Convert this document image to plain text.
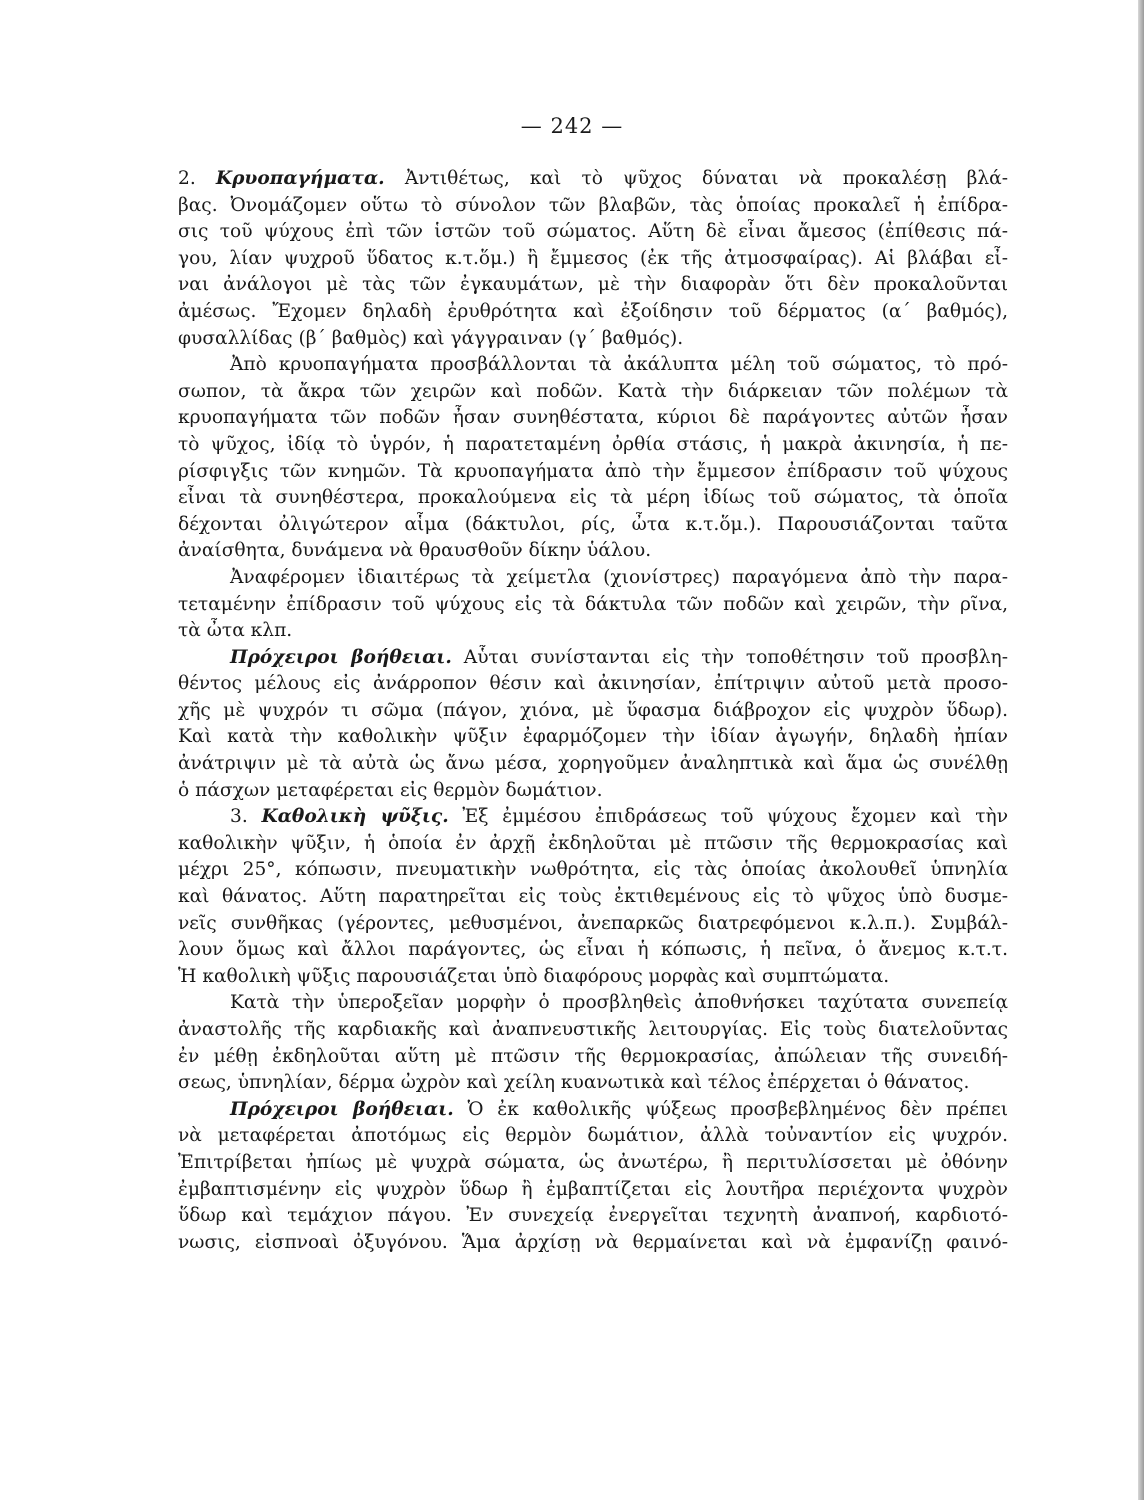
— 242 —
2. Κρυοπαγήματα. Ἀντιθέτως, καὶ τὸ ψῦχος δύναται νὰ προκαλέσῃ βλά-
βας. Ὀνομάζομεν οὕτω τὸ σύνολον τῶν βλαβῶν, τὰς ὁποίας προκαλεῖ ἡ ἐπίδρα-
σις τοῦ ψύχους ἐπὶ τῶν ἱστῶν τοῦ σώματος. Αὕτη δὲ εἶναι ἄμεσος (ἐπίθεσις πά-
γου, λίαν ψυχροῦ ὕδατος κ.τ.ὅμ.) ἢ ἔμμεσος (ἐκ τῆς ἀτμοσφαίρας). Αἱ βλάβαι εἶ-
ναι ἀνάλογοι μὲ τὰς τῶν ἐγκαυμάτων, μὲ τὴν διαφορὰν ὅτι δὲν προκαλοῦνται
ἀμέσως. Ἔχομεν δηλαδὴ ἐρυθρότητα καὶ ἐξοίδησιν τοῦ δέρματος (α΄ βαθμός),
φυσαλλίδας (β΄ βαθμὸς) καὶ γάγγραιναν (γ΄ βαθμός).
Ἀπὸ κρυοπαγήματα προσβάλλονται τὰ ἀκάλυπτα μέλη τοῦ σώματος, τὸ πρό-
σωπον, τὰ ἄκρα τῶν χειρῶν καὶ ποδῶν. Κατὰ τὴν διάρκειαν τῶν πολέμων τὰ
κρυοπαγήματα τῶν ποδῶν ἦσαν συνηθέστατα, κύριοι δὲ παράγοντες αὐτῶν ἦσαν
τὸ ψῦχος, ἰδίᾳ τὸ ὑγρόν, ἡ παρατεταμένη ὀρθία στάσις, ἡ μακρὰ ἀκινησία, ἡ πε-
ρίσφιγξις τῶν κνημῶν. Τὰ κρυοπαγήματα ἀπὸ τὴν ἔμμεσον ἐπίδρασιν τοῦ ψύχους
εἶναι τὰ συνηθέστερα, προκαλούμενα εἰς τὰ μέρη ἰδίως τοῦ σώματος, τὰ ὁποῖα
δέχονται ὀλιγώτερον αἷμα (δάκτυλοι, ρίς, ὦτα κ.τ.ὅμ.). Παρουσιάζονται ταῦτα
ἀναίσθητα, δυνάμενα νὰ θραυσθοῦν δίκην ὑάλου.
Ἀναφέρομεν ἰδιαιτέρως τὰ χείμετλα (χιονίστρες) παραγόμενα ἀπὸ τὴν παρα-
τεταμένην ἐπίδρασιν τοῦ ψύχους εἰς τὰ δάκτυλα τῶν ποδῶν καὶ χειρῶν, τὴν ρῖνα,
τὰ ὦτα κλπ.
Πρόχειροι βοήθειαι. Αὗται συνίστανται εἰς τὴν τοποθέτησιν τοῦ προσβλη-
θέντος μέλους εἰς ἀνάρροπον θέσιν καὶ ἀκινησίαν, ἐπίτριψιν αὐτοῦ μετὰ προσο-
χῆς μὲ ψυχρόν τι σῶμα (πάγον, χιόνα, μὲ ὕφασμα διάβροχον εἰς ψυχρὸν ὕδωρ).
Καὶ κατὰ τὴν καθολικὴν ψῦξιν ἐφαρμόζομεν τὴν ἰδίαν ἀγωγήν, δηλαδὴ ἠπίαν
ἀνάτριψιν μὲ τὰ αὐτὰ ὡς ἄνω μέσα, χορηγοῦμεν ἀναληπτικὰ καὶ ἅμα ὡς συνέλθῃ
ὁ πάσχων μεταφέρεται εἰς θερμὸν δωμάτιον.
3. Καθολικὴ ψῦξις. Ἐξ ἐμμέσου ἐπιδράσεως τοῦ ψύχους ἔχομεν καὶ τὴν
καθολικὴν ψῦξιν, ἡ ὁποία ἐν ἀρχῇ ἐκδηλοῦται μὲ πτῶσιν τῆς θερμοκρασίας καὶ
μέχρι 25°, κόπωσιν, πνευματικὴν νωθρότητα, εἰς τὰς ὁποίας ἀκολουθεῖ ὑπνηλία
καὶ θάνατος. Αὕτη παρατηρεῖται εἰς τοὺς ἐκτιθεμένους εἰς τὸ ψῦχος ὑπὸ δυσμε-
νεῖς συνθῆκας (γέροντες, μεθυσμένοι, ἀνεπαρκῶς διατρεφόμενοι κ.λ.π.). Συμβάλ-
λουν ὅμως καὶ ἄλλοι παράγοντες, ὡς εἶναι ἡ κόπωσις, ἡ πεῖνα, ὁ ἄνεμος κ.τ.τ.
Ἡ καθολικὴ ψῦξις παρουσιάζεται ὑπὸ διαφόρους μορφὰς καὶ συμπτώματα.
Κατὰ τὴν ὑπεροξεῖαν μορφὴν ὁ προσβληθεὶς ἀποθνήσκει ταχύτατα συνεπείᾳ
ἀναστολῆς τῆς καρδιακῆς καὶ ἀναπνευστικῆς λειτουργίας. Εἰς τοὺς διατελοῦντας
ἐν μέθῃ ἐκδηλοῦται αὕτη μὲ πτῶσιν τῆς θερμοκρασίας, ἀπώλειαν τῆς συνειδή-
σεως, ὑπνηλίαν, δέρμα ὠχρὸν καὶ χείλη κυανωτικὰ καὶ τέλος ἐπέρχεται ὁ θάνατος.
Πρόχειροι βοήθειαι. Ὁ ἐκ καθολικῆς ψύξεως προσβεβλημένος δὲν πρέπει
νὰ μεταφέρεται ἀποτόμως εἰς θερμὸν δωμάτιον, ἀλλὰ τοὐναντίον εἰς ψυχρόν.
Ἐπιτρίβεται ἠπίως μὲ ψυχρὰ σώματα, ὡς ἀνωτέρω, ἢ περιτυλίσσεται μὲ ὀθόνην
ἐμβαπτισμένην εἰς ψυχρὸν ὕδωρ ἢ ἐμβαπτίζεται εἰς λουτῆρα περιέχοντα ψυχρὸν
ὕδωρ καὶ τεμάχιον πάγου. Ἐν συνεχείᾳ ἐνεργεῖται τεχνητὴ ἀναπνοή, καρδιοτό-
νωσις, εἰσπνοαὶ ὀξυγόνου. Ἅμα ἀρχίσῃ νὰ θερμαίνεται καὶ νὰ ἐμφανίζῃ φαινό-
